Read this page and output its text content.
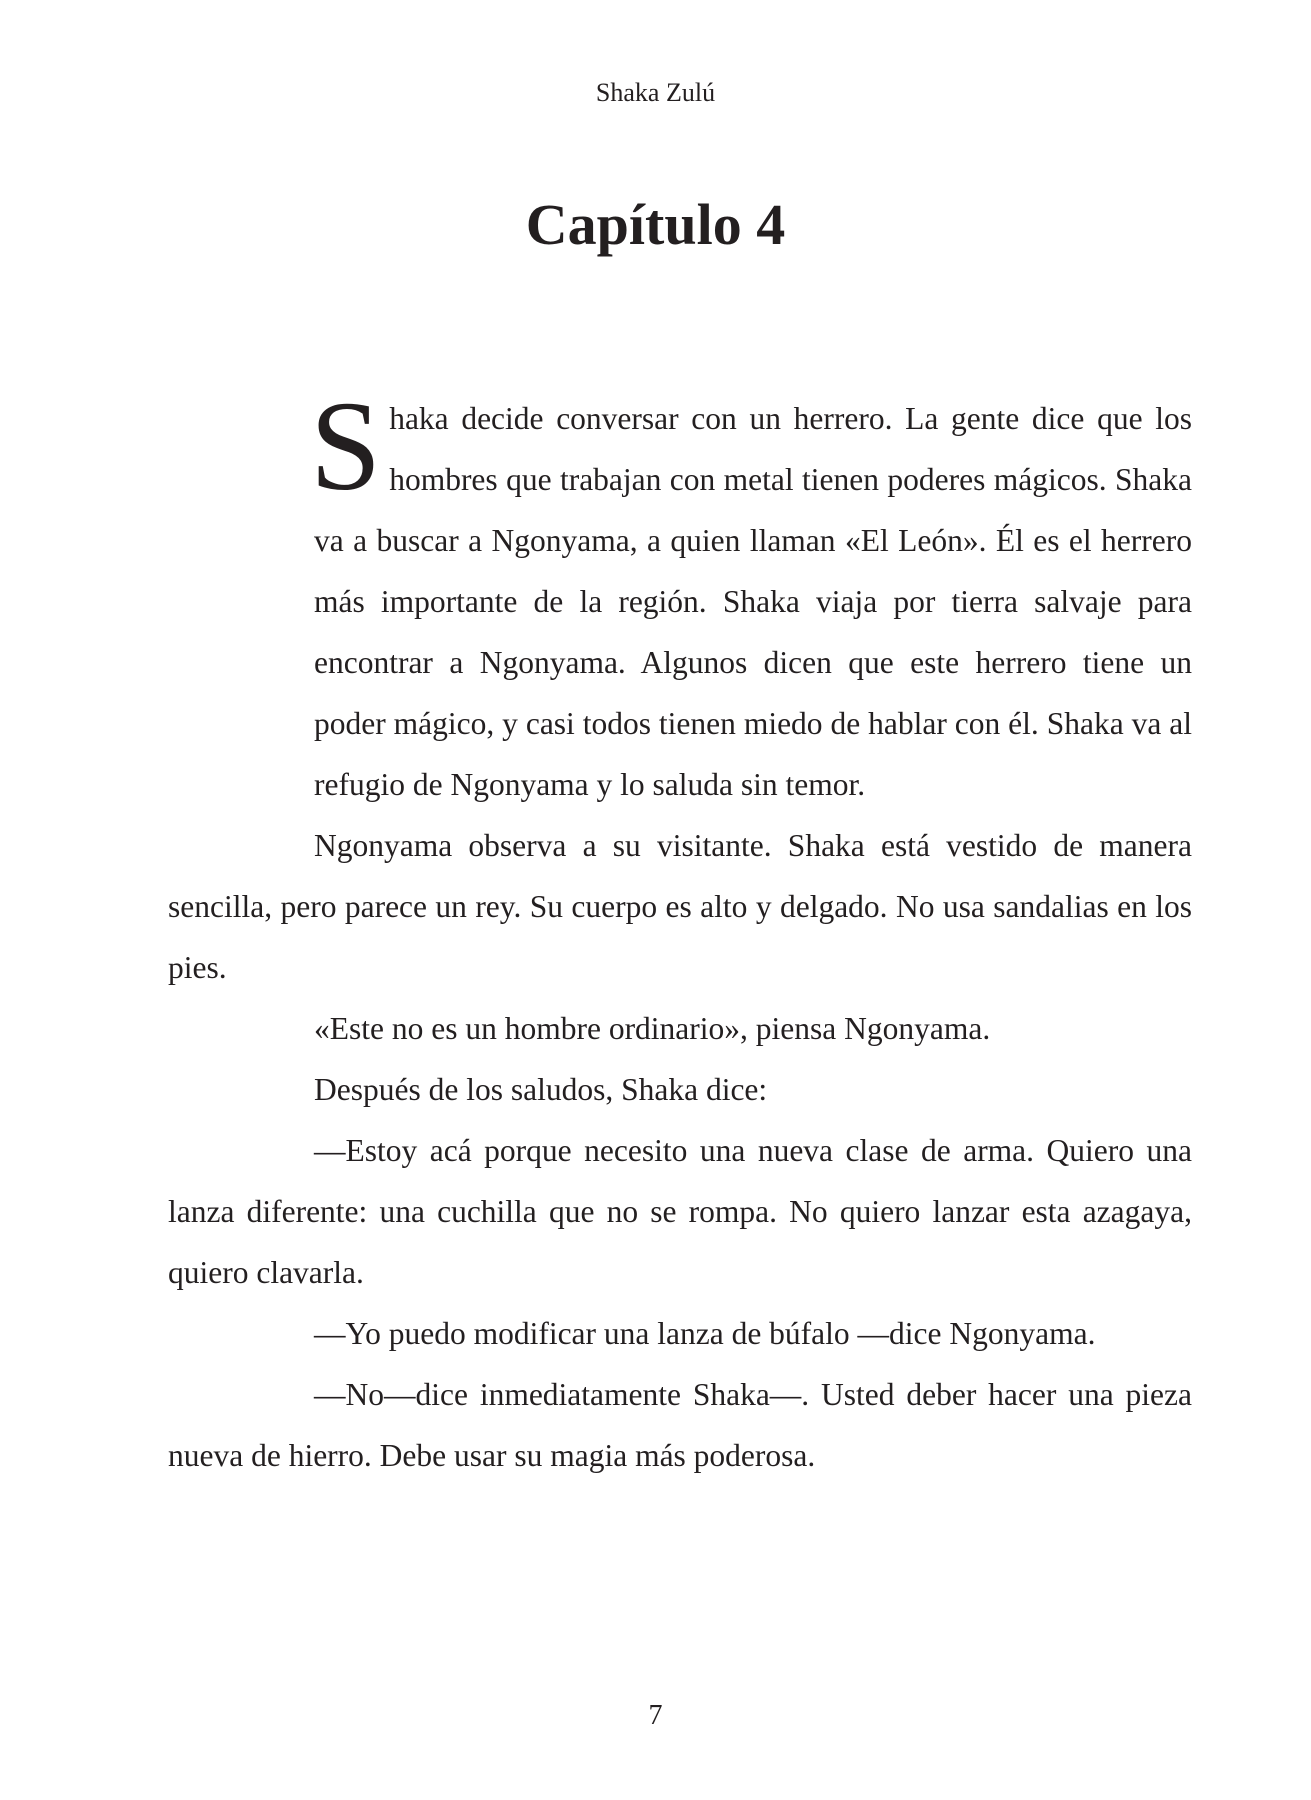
Shaka Zulú
Capítulo 4

Shaka decide conversar con un herrero. La gente dice que los hombres que trabajan con metal tienen poderes mágicos. Shaka va a buscar a Ngonyama, a quien llaman «El León». Él es el herrero más importante de la región. Shaka viaja por tierra salvaje para encontrar a Ngonyama. Algunos dicen que este herrero tiene un poder mágico, y casi todos tienen miedo de hablar con él. Shaka va al refugio de Ngonyama y lo saluda sin temor.

Ngonyama observa a su visitante. Shaka está vestido de manera sencilla, pero parece un rey. Su cuerpo es alto y delgado. No usa sandalias en los pies.

«Este no es un hombre ordinario», piensa Ngonyama.

Después de los saludos, Shaka dice:

—Estoy acá porque necesito una nueva clase de arma. Quiero una lanza diferente: una cuchilla que no se rompa. No quiero lanzar esta azagaya, quiero clavarla.

—Yo puedo modificar una lanza de búfalo —dice Ngonyama.

—No—dice inmediatamente Shaka—. Usted deber hacer una pieza nueva de hierro. Debe usar su magia más poderosa.

7
